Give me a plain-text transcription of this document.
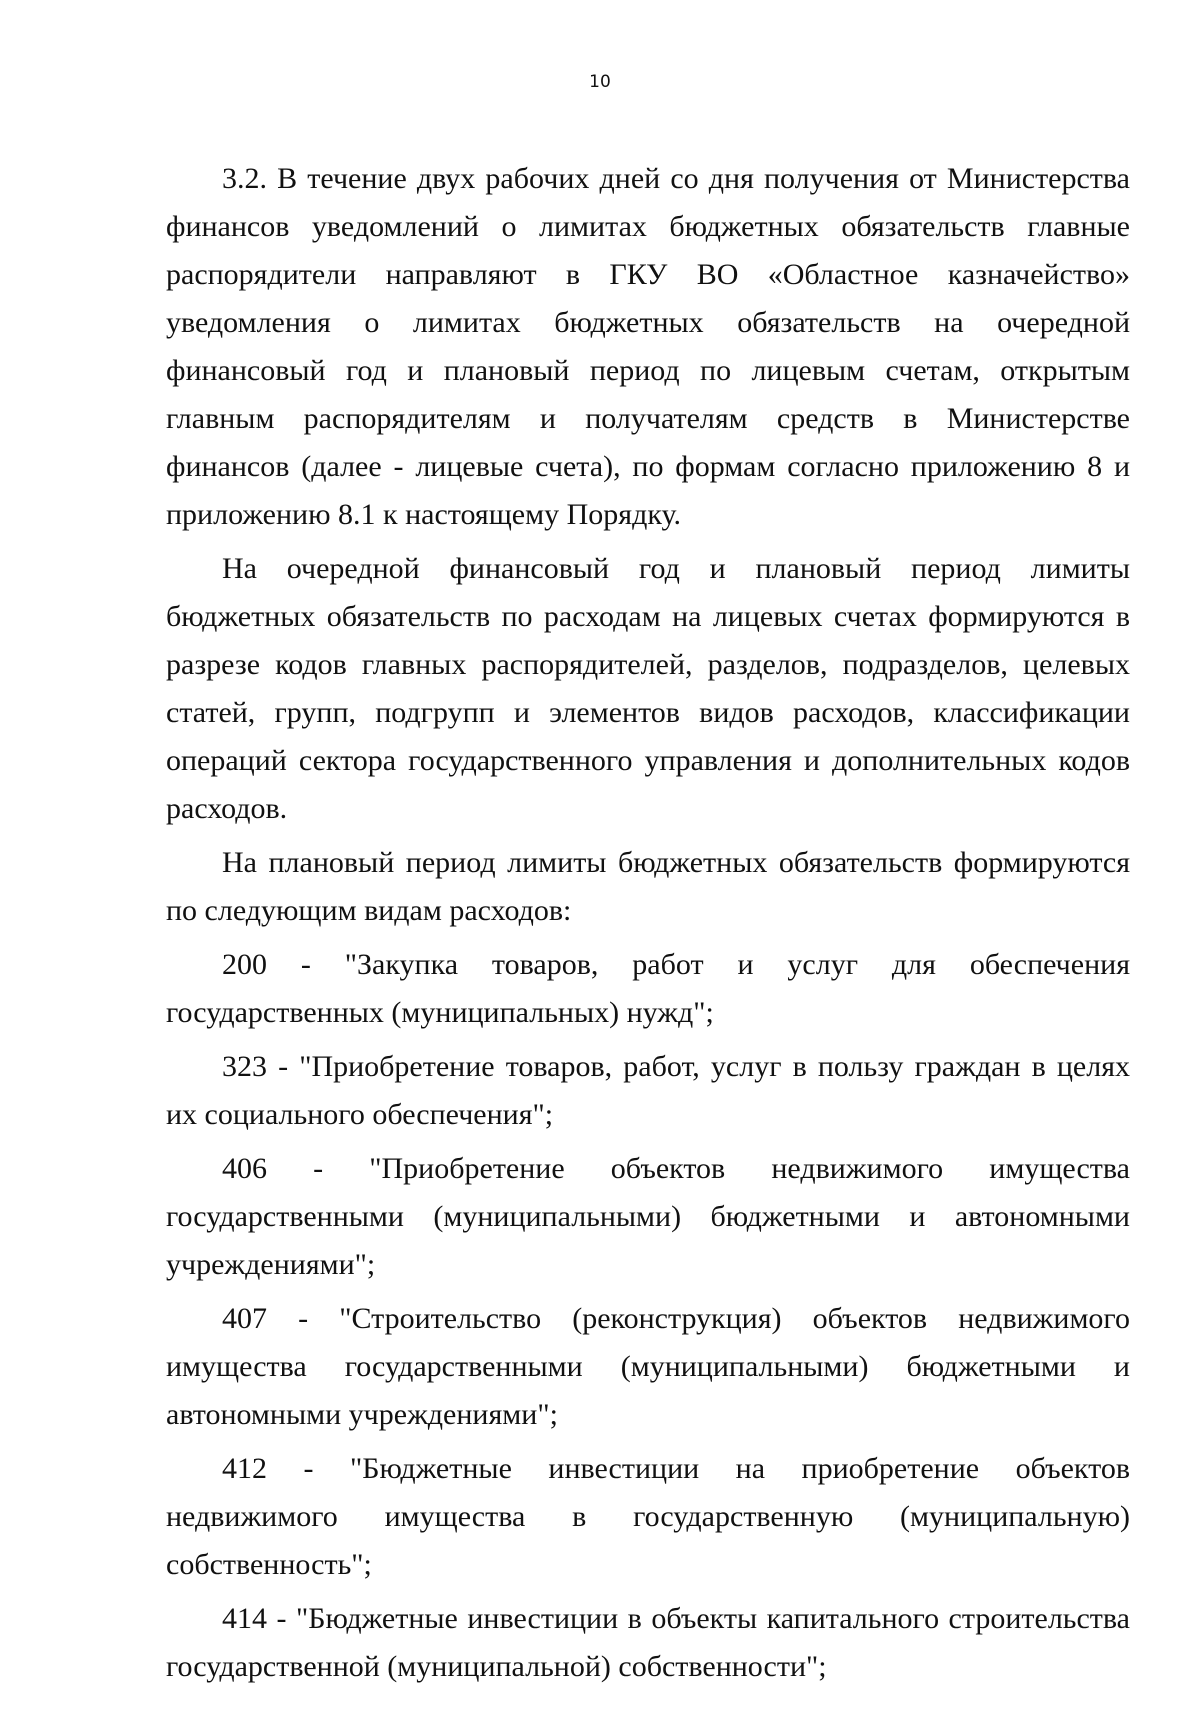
10

3.2. В течение двух рабочих дней со дня получения от Министерства финансов уведомлений о лимитах бюджетных обязательств главные распорядители направляют в ГКУ ВО «Областное казначейство» уведомления о лимитах бюджетных обязательств на очередной финансовый год и плановый период по лицевым счетам, открытым главным распорядителям и получателям средств в Министерстве финансов (далее - лицевые счета), по формам согласно приложению 8 и приложению 8.1 к настоящему Порядку.

На очередной финансовый год и плановый период лимиты бюджетных обязательств по расходам на лицевых счетах формируются в разрезе кодов главных распорядителей, разделов, подразделов, целевых статей, групп, подгрупп и элементов видов расходов, классификации операций сектора государственного управления и дополнительных кодов расходов.

На плановый период лимиты бюджетных обязательств формируются по следующим видам расходов:

200 - "Закупка товаров, работ и услуг для обеспечения государственных (муниципальных) нужд";

323 - "Приобретение товаров, работ, услуг в пользу граждан в целях их социального обеспечения";

406 - "Приобретение объектов недвижимого имущества государственными (муниципальными) бюджетными и автономными учреждениями";

407 - "Строительство (реконструкция) объектов недвижимого имущества государственными (муниципальными) бюджетными и автономными учреждениями";

412 - "Бюджетные инвестиции на приобретение объектов недвижимого имущества в государственную (муниципальную) собственность";

414 - "Бюджетные инвестиции в объекты капитального строительства государственной (муниципальной) собственности";
